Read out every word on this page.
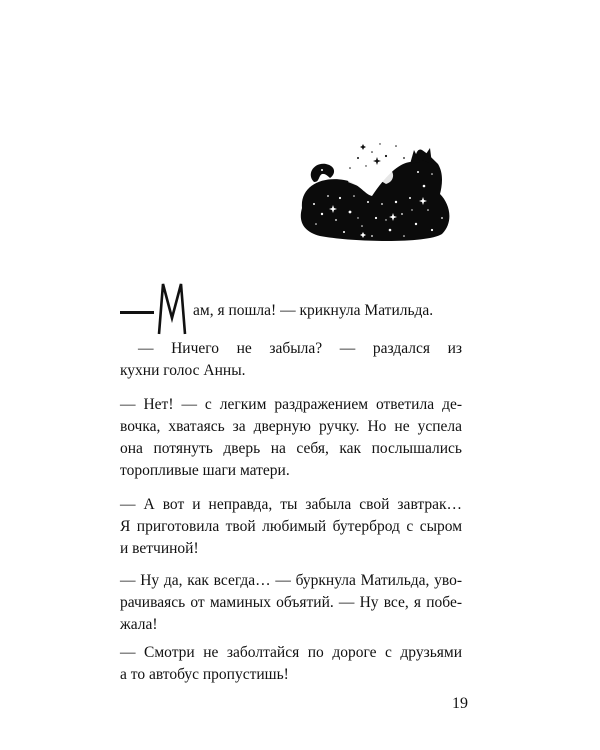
ам, я пошла! — крикнула Матильда.
— Ничего не забыла? — раздался из
кухни голос Анны.
— Нет! — с легким раздражением ответила де-
вочка, хватаясь за дверную ручку. Но не успела
она потянуть дверь на себя, как послышались
торопливые шаги матери.
— А вот и неправда, ты забыла свой завтрак…
Я приготовила твой любимый бутерброд с сыром
и ветчиной!
— Ну да, как всегда… — буркнула Матильда, уво-
рачиваясь от маминых объятий. — Ну все, я побе-
жала!
— Смотри не заболтайся по дороге с друзьями
а то автобус пропустишь!
19
